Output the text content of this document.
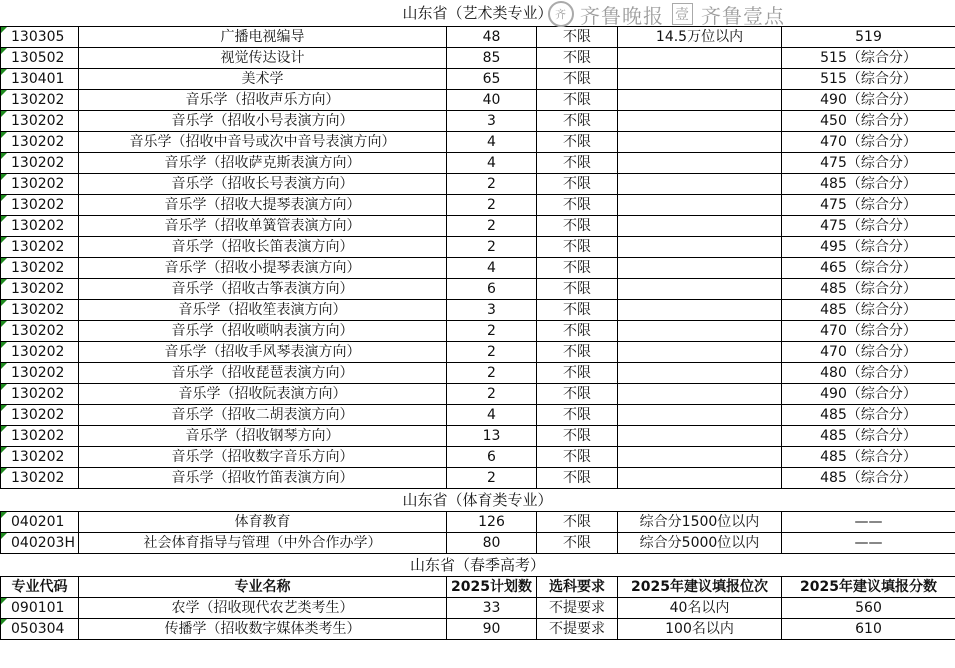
山东省（艺术类专业） 齐 齐鲁晚报 壹 齐鲁壹点
130305	广播电视编导	48	不限	14.5万位以内	519

130502	视觉传达设计	85	不限		515（综合分）

130401	美术学	65	不限		515（综合分）

130202	音乐学（招收声乐方向）	40	不限		490（综合分）

130202	音乐学（招收小号表演方向）	3	不限		450（综合分）

130202	音乐学（招收中音号或次中音号表演方向）	4	不限		470（综合分）

130202	音乐学（招收萨克斯表演方向）	4	不限		475（综合分）

130202	音乐学（招收长号表演方向）	2	不限		485（综合分）

130202	音乐学（招收大提琴表演方向）	2	不限		475（综合分）

130202	音乐学（招收单簧管表演方向）	2	不限		475（综合分）

130202	音乐学（招收长笛表演方向）	2	不限		495（综合分）

130202	音乐学（招收小提琴表演方向）	4	不限		465（综合分）

130202	音乐学（招收古筝表演方向）	6	不限		485（综合分）

130202	音乐学（招收笙表演方向）	3	不限		485（综合分）

130202	音乐学（招收唢呐表演方向）	2	不限		470（综合分）

130202	音乐学（招收手风琴表演方向）	2	不限		470（综合分）

130202	音乐学（招收琵琶表演方向）	2	不限		480（综合分）

130202	音乐学（招收阮表演方向）	2	不限		490（综合分）

130202	音乐学（招收二胡表演方向）	4	不限		485（综合分）

130202	音乐学（招收钢琴方向）	13	不限		485（综合分）

130202	音乐学（招收数字音乐方向）	6	不限		485（综合分）

130202	音乐学（招收竹笛表演方向）	2	不限		485（综合分）
山东省（体育类专业）
040201	体育教育	126	不限	综合分1500位以内	——

040203H	社会体育指导与管理（中外合作办学）	80	不限	综合分5000位以内	——
山东省（春季高考）
专业代码	专业名称	2025计划数	选科要求	2025年建议填报位次	2025年建议填报分数

090101	农学（招收现代农艺类考生）	33	不提要求	40名以内	560

050304	传播学（招收数字媒体类考生）	90	不提要求	100名以内	610
